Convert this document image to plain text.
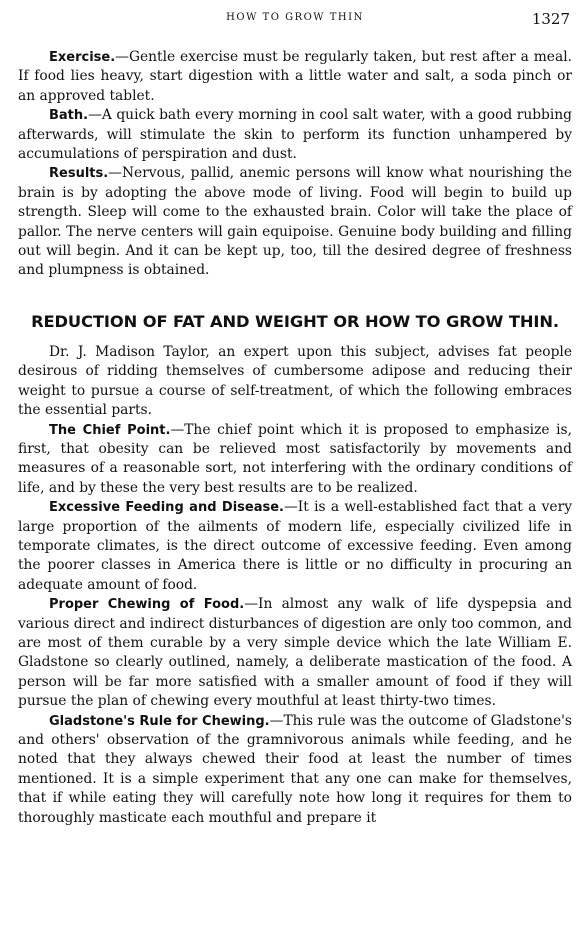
HOW TO GROW THIN	1327

Exercise.—Gentle exercise must be regularly taken, but rest after a meal. If food lies heavy, start digestion with a little water and salt, a soda pinch or an approved tablet.

Bath.—A quick bath every morning in cool salt water, with a good rubbing afterwards, will stimulate the skin to perform its function unhampered by accumulations of perspiration and dust.

Results.—Nervous, pallid, anemic persons will know what nourishing the brain is by adopting the above mode of living. Food will begin to build up strength. Sleep will come to the exhausted brain. Color will take the place of pallor. The nerve centers will gain equipoise. Genuine body building and filling out will begin. And it can be kept up, too, till the desired degree of freshness and plumpness is obtained.

REDUCTION OF FAT AND WEIGHT OR HOW TO GROW THIN.

Dr. J. Madison Taylor, an expert upon this subject, advises fat people desirous of ridding themselves of cumbersome adipose and reducing their weight to pursue a course of self-treatment, of which the following embraces the essential parts.

The Chief Point.—The chief point which it is proposed to emphasize is, first, that obesity can be relieved most satisfactorily by movements and measures of a reasonable sort, not interfering with the ordinary conditions of life, and by these the very best results are to be realized.

Excessive Feeding and Disease.—It is a well-established fact that a very large proportion of the ailments of modern life, especially civilized life in temporate climates, is the direct outcome of excessive feeding. Even among the poorer classes in America there is little or no difficulty in procuring an adequate amount of food.

Proper Chewing of Food.—In almost any walk of life dyspepsia and various direct and indirect disturbances of digestion are only too common, and are most of them curable by a very simple device which the late William E. Gladstone so clearly outlined, namely, a deliberate mastication of the food. A person will be far more satisfied with a smaller amount of food if they will pursue the plan of chewing every mouthful at least thirty-two times.

Gladstone's Rule for Chewing.—This rule was the outcome of Gladstone's and others' observation of the gramnivorous animals while feeding, and he noted that they always chewed their food at least the number of times mentioned. It is a simple experiment that any one can make for themselves, that if while eating they will carefully note how long it requires for them to thoroughly masticate each mouthful and prepare it
